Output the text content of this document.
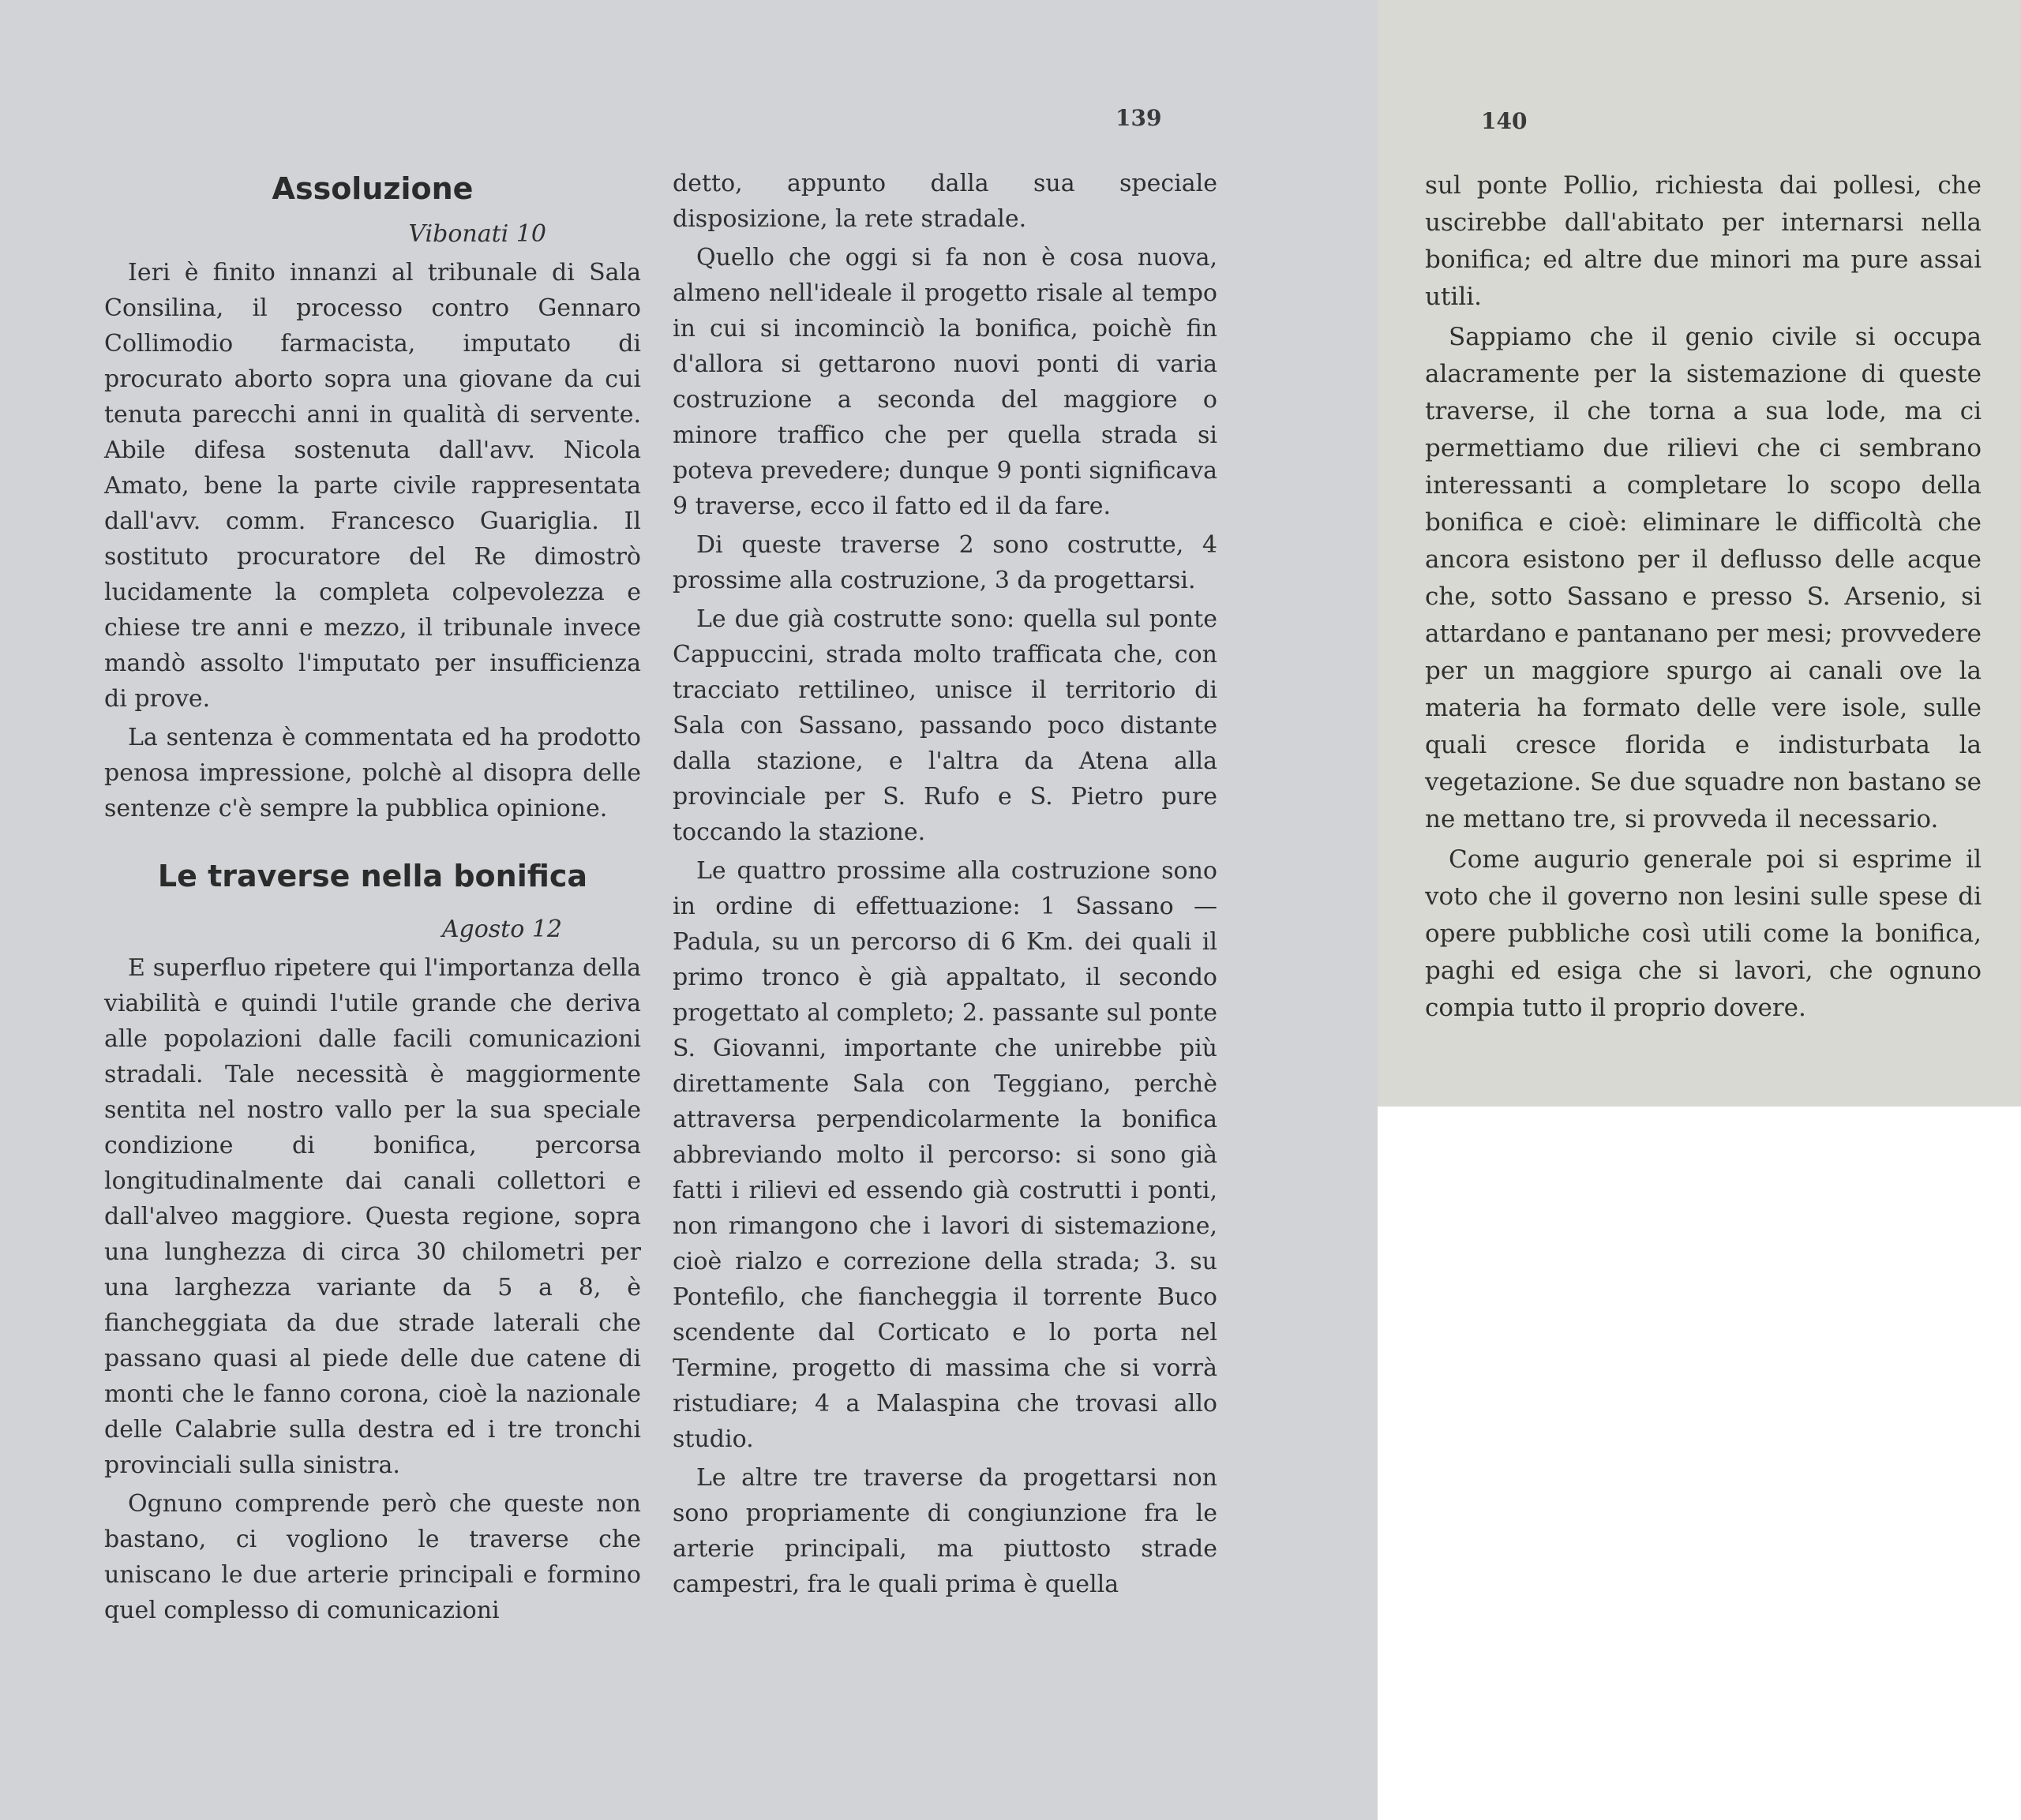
139
Assoluzione

Vibonati 10

Ieri è finito innanzi al tribunale di Sala Consilina, il processo contro Gennaro Collimodio farmacista, imputato di procurato aborto sopra una giovane da cui tenuta parecchi anni in qualità di servente. Abile difesa sostenuta dall'avv. Nicola Amato, bene la parte civile rappresentata dall'avv. comm. Francesco Guariglia. Il sostituto procuratore del Re dimostrò lucidamente la completa colpevolezza e chiese tre anni e mezzo, il tribunale invece mandò assolto l'imputato per insufficienza di prove.

La sentenza è commentata ed ha prodotto penosa impressione, polchè al disopra delle sentenze c'è sempre la pubblica opinione.

Le traverse nella bonifica

Agosto 12

E superfluo ripetere qui l'importanza della viabilità e quindi l'utile grande che deriva alle popolazioni dalle facili comunicazioni stradali. Tale necessità è maggiormente sentita nel nostro vallo per la sua speciale condizione di bonifica, percorsa longitudinalmente dai canali collettori e dall'alveo maggiore. Questa regione, sopra una lunghezza di circa 30 chilometri per una larghezza variante da 5 a 8, è fiancheggiata da due strade laterali che passano quasi al piede delle due catene di monti che le fanno corona, cioè la nazionale delle Calabrie sulla destra ed i tre tronchi provinciali sulla sinistra.

Ognuno comprende però che queste non bastano, ci vogliono le traverse che uniscano le due arterie principali e formino quel complesso di comunicazioni

detto, appunto dalla sua speciale disposizione, la rete stradale.

Quello che oggi si fa non è cosa nuova, almeno nell'ideale il progetto risale al tempo in cui si incominciò la bonifica, poichè fin d'allora si gettarono nuovi ponti di varia costruzione a seconda del maggiore o minore traffico che per quella strada si poteva prevedere; dunque 9 ponti significava 9 traverse, ecco il fatto ed il da fare.

Di queste traverse 2 sono costrutte, 4 prossime alla costruzione, 3 da progettarsi.

Le due già costrutte sono: quella sul ponte Cappuccini, strada molto trafficata che, con tracciato rettilineo, unisce il territorio di Sala con Sassano, passando poco distante dalla stazione, e l'altra da Atena alla provinciale per S. Rufo e S. Pietro pure toccando la stazione.

Le quattro prossime alla costruzione sono in ordine di effettuazione: 1 Sassano — Padula, su un percorso di 6 Km. dei quali il primo tronco è già appaltato, il secondo progettato al completo; 2. passante sul ponte S. Giovanni, importante che unirebbe più direttamente Sala con Teggiano, perchè attraversa perpendicolarmente la bonifica abbreviando molto il percorso: si sono già fatti i rilievi ed essendo già costrutti i ponti, non rimangono che i lavori di sistemazione, cioè rialzo e correzione della strada; 3. su Pontefilo, che fiancheggia il torrente Buco scendente dal Corticato e lo porta nel Termine, progetto di massima che si vorrà ristudiare; 4 a Malaspina che trovasi allo studio.

Le altre tre traverse da progettarsi non sono propriamente di congiunzione fra le arterie principali, ma piuttosto strade campestri, fra le quali prima è quella

140

sul ponte Pollio, richiesta dai pollesi, che uscirebbe dall'abitato per internarsi nella bonifica; ed altre due minori ma pure assai utili.

Sappiamo che il genio civile si occupa alacramente per la sistemazione di queste traverse, il che torna a sua lode, ma ci permettiamo due rilievi che ci sembrano interessanti a completare lo scopo della bonifica e cioè: eliminare le difficoltà che ancora esistono per il deflusso delle acque che, sotto Sassano e presso S. Arsenio, si attardano e pantanano per mesi; provvedere per un maggiore spurgo ai canali ove la materia ha formato delle vere isole, sulle quali cresce florida e indisturbata la vegetazione. Se due squadre non bastano se ne mettano tre, si provveda il necessario.

Come augurio generale poi si esprime il voto che il governo non lesini sulle spese di opere pubbliche così utili come la bonifica, paghi ed esiga che si lavori, che ognuno compia tutto il proprio dovere.
